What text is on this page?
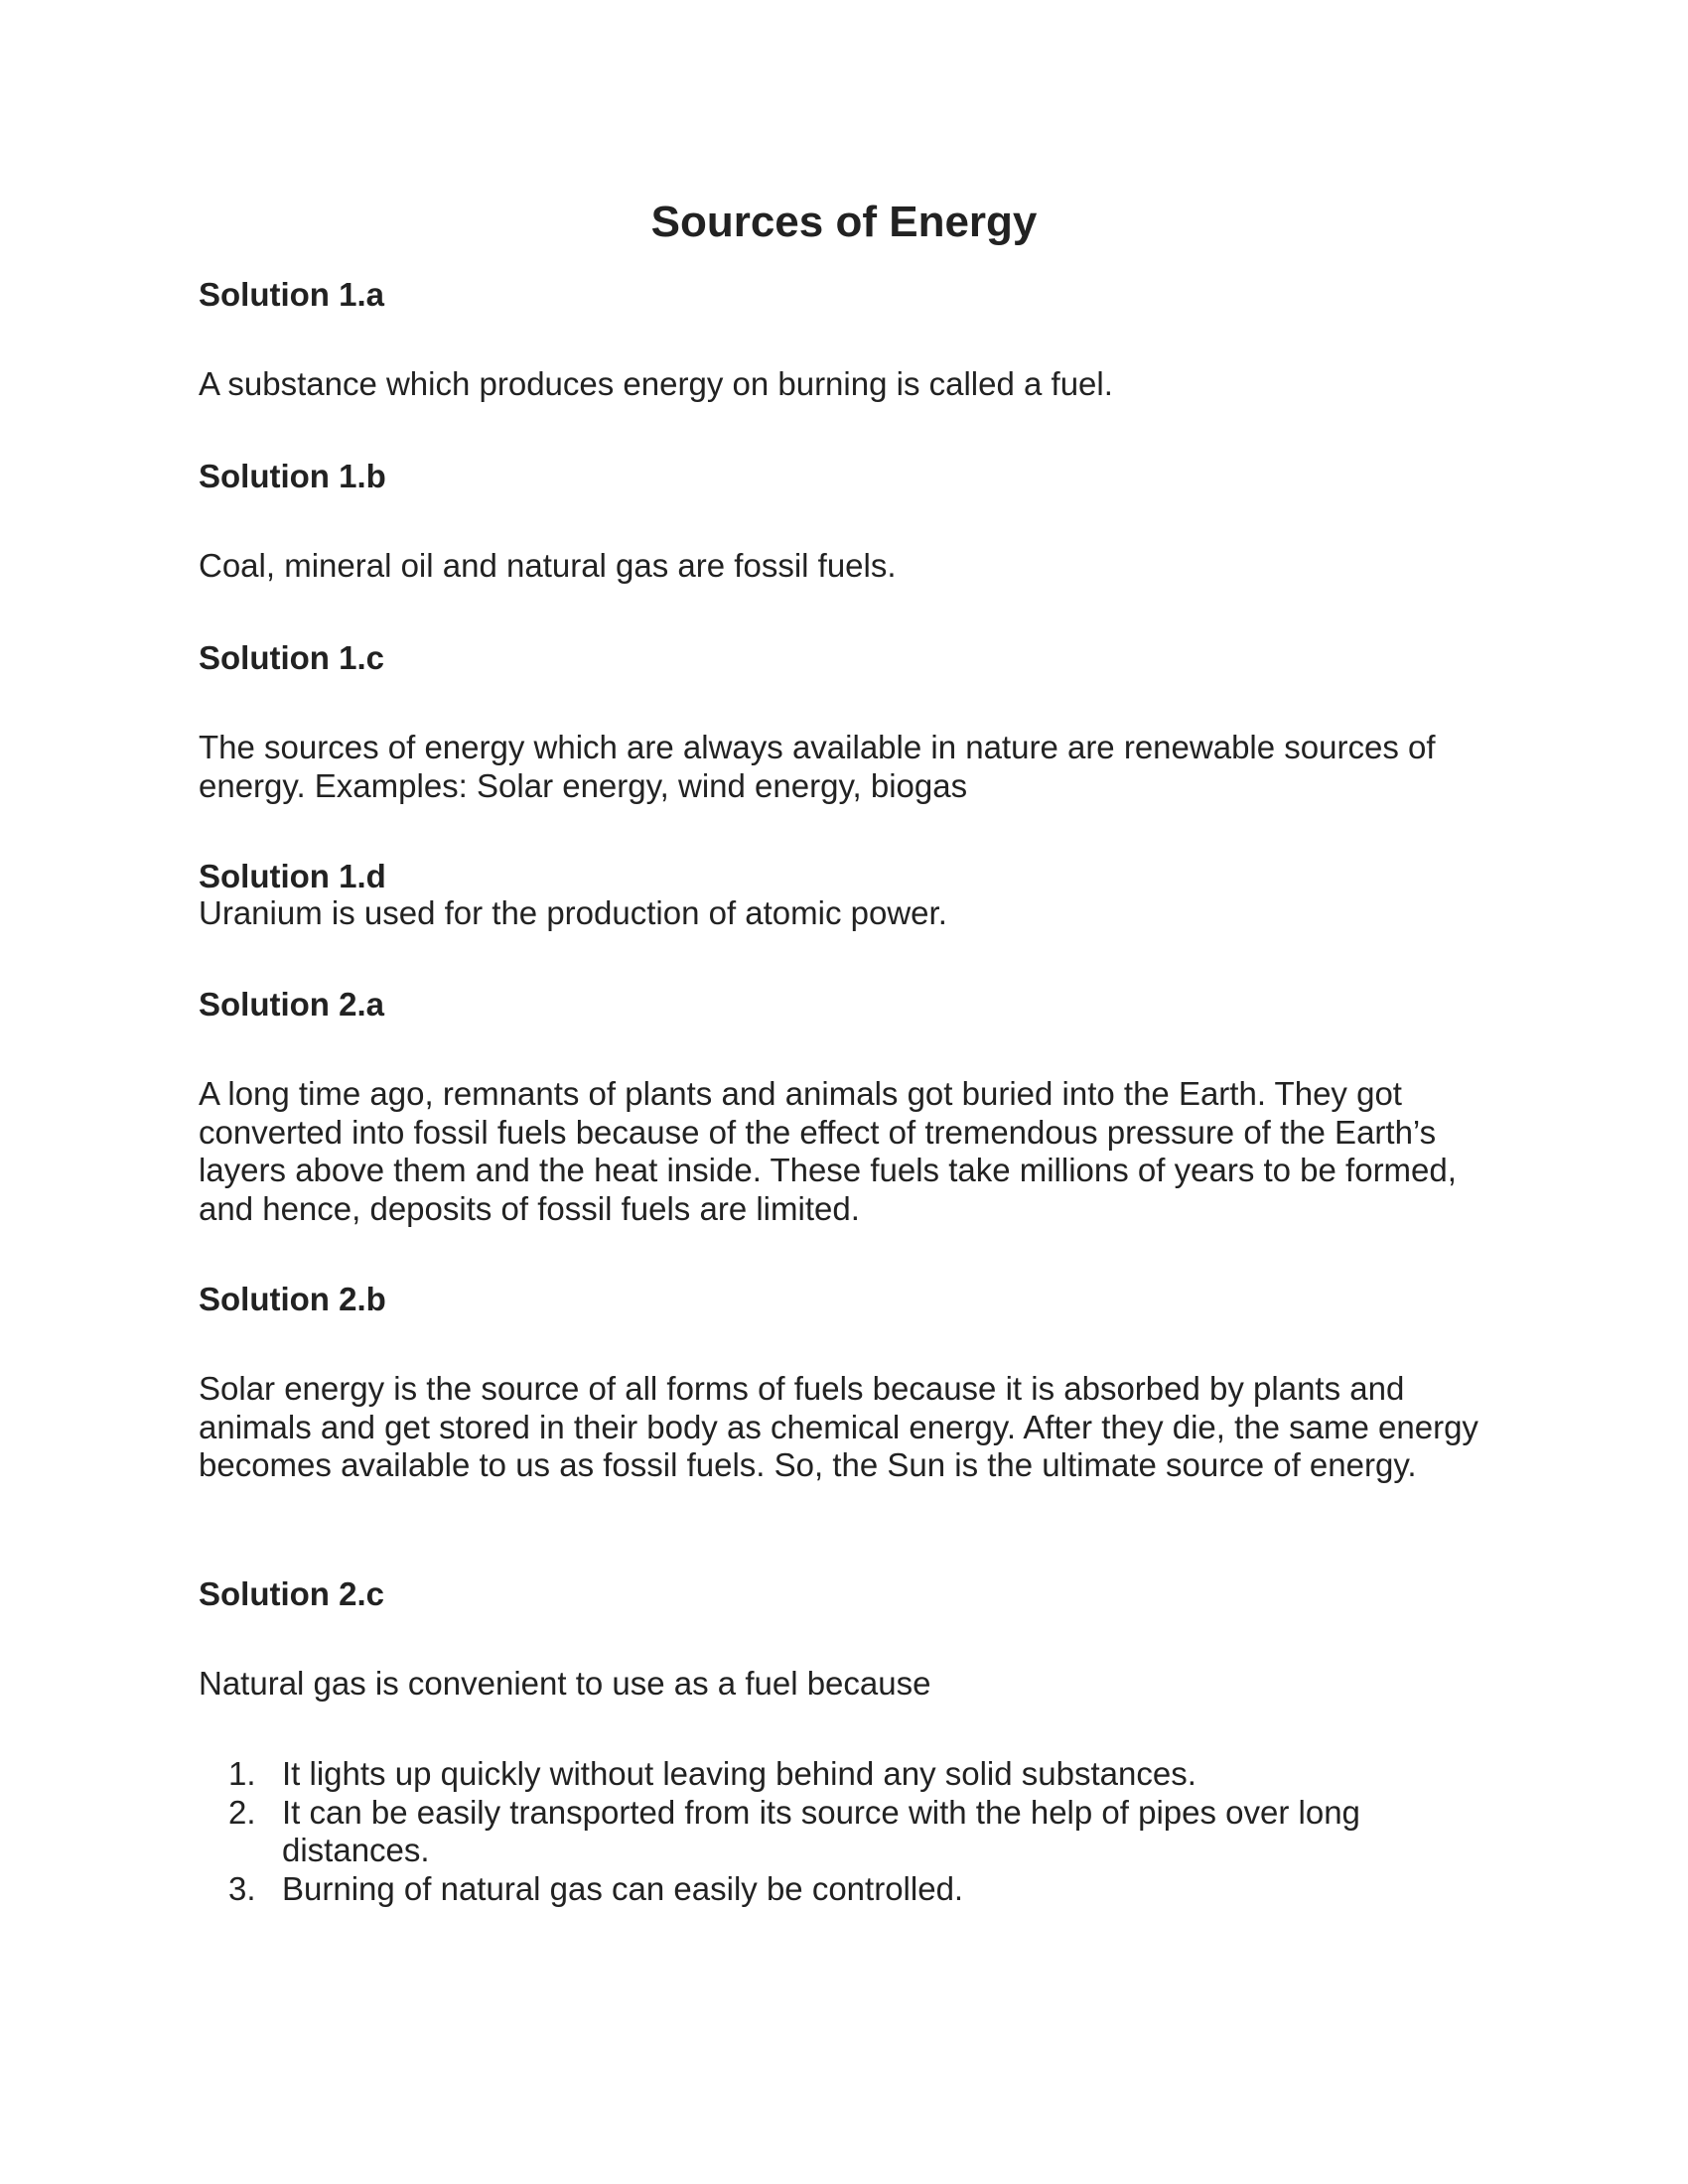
Sources of Energy
Solution 1.a

A substance which produces energy on burning is called a fuel.

Solution 1.b

Coal, mineral oil and natural gas are fossil fuels.

Solution 1.c

The sources of energy which are always available in nature are renewable sources of energy. Examples: Solar energy, wind energy, biogas

Solution 1.d

Uranium is used for the production of atomic power.

Solution 2.a

A long time ago, remnants of plants and animals got buried into the Earth. They got converted into fossil fuels because of the effect of tremendous pressure of the Earth’s layers above them and the heat inside. These fuels take millions of years to be formed, and hence, deposits of fossil fuels are limited.

Solution 2.b

Solar energy is the source of all forms of fuels because it is absorbed by plants and animals and get stored in their body as chemical energy. After they die, the same energy becomes available to us as fossil fuels. So, the Sun is the ultimate source of energy.

Solution 2.c

Natural gas is convenient to use as a fuel because

1. It lights up quickly without leaving behind any solid substances.
2. It can be easily transported from its source with the help of pipes over long distances.
3. Burning of natural gas can easily be controlled.
